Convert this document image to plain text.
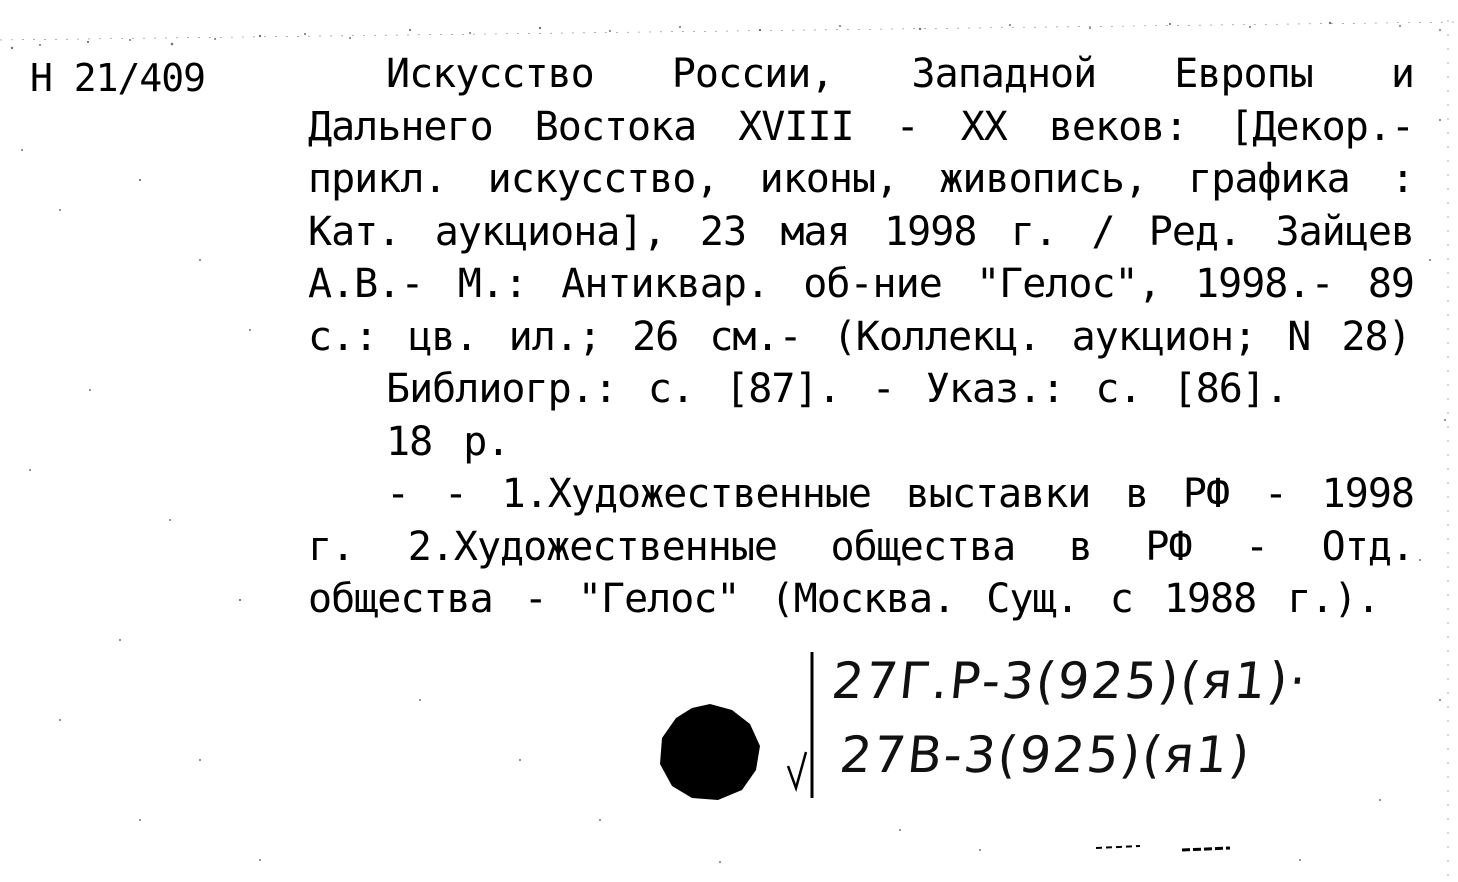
Н 21/409	Искусство России, Западной Европы и Дальнего Востока XVIII - XX веков: [Декор.- прикл. искусство, иконы, живопись, графика : Кат. аукциона], 23 мая 1998 г. / Ред. Зайцев А.В.- М.: Антиквар. об-ние "Гелос", 1998.- 89 с.: цв. ил.; 26 см.- (Коллекц. аукцион; N 28)

Библиогр.: с. [87]. - Указ.: с. [86].
18 р.

- - 1.Художественные выставки в РФ - 1998 г. 2.Художественные общества в РФ - Отд. общества - "Гелос" (Москва. Сущ. с 1988 г.).

27Г.Р-3(925)(я1)·
27В-3(925)(я1)
